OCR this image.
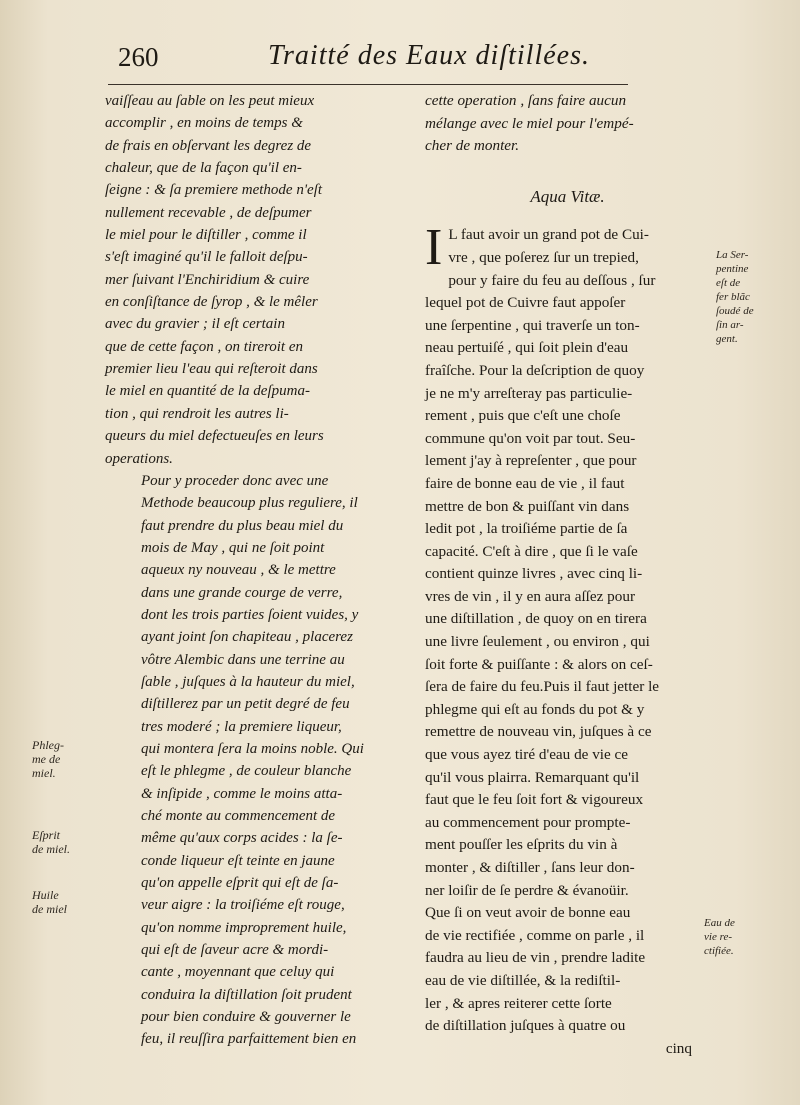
260	Traitté des Eaux diſtillées.

vaiſſeau au ſable on les peut mieux
accomplir , en moins de temps &
de frais en obſervant les degrez de
chaleur, que de la façon qu'il en-
ſeigne : & ſa premiere methode n'eſt
nullement recevable , de deſpumer
le miel pour le diſtiller , comme il
s'eſt imaginé qu'il le falloit deſpu-
mer ſuivant l'Enchiridium & cuire
en conſiſtance de ſyrop , & le mêler
avec du gravier ; il eſt certain
que de cette façon , on tireroit en
premier lieu l'eau qui reſteroit dans
le miel en quantité de la deſpuma-
tion , qui rendroit les autres li-
queurs du miel defectueuſes en leurs
operations.

Pour y proceder donc avec une
Methode beaucoup plus reguliere, il
faut prendre du plus beau miel du
mois de May , qui ne ſoit point
aqueux ny nouveau , & le mettre
dans une grande courge de verre,
dont les trois parties ſoient vuides, y
ayant joint ſon chapiteau , placerez
vôtre Alembic dans une terrine au
ſable , juſques à la hauteur du miel,
diſtillerez par un petit degré de feu
tres moderé ; la premiere liqueur,
qui montera ſera la moins noble. Qui
eſt le phlegme , de couleur blanche
& inſipide , comme le moins atta-
ché monte au commencement de
même qu'aux corps acides : la ſe-
conde liqueur eſt teinte en jaune
qu'on appelle eſprit qui eſt de ſa-
veur aigre : la troiſiéme eſt rouge,
qu'on nomme improprement huile,
qui eſt de ſaveur acre & mordi-
cante , moyennant que celuy qui
conduira la diſtillation ſoit prudent
pour bien conduire & gouverner le
feu, il reuſſira parfaittement bien en

Phleg-
me de
miel.
Eſprit
de miel.
Huile
de miel

cette operation , ſans faire aucun
mélange avec le miel pour l'empé-
cher de monter.

Aqua Vitæ.

I L faut avoir un grand pot de Cui-
vre , que poſerez ſur un trepied,
pour y faire du feu au deſſous , ſur
lequel pot de Cuivre faut appoſer
une ſerpentine , qui traverſe un ton-
neau pertuiſé , qui ſoit plein d'eau
fraîſche. Pour la deſcription de quoy
je ne m'y arreſteray pas particulie-
rement , puis que c'eſt une choſe
commune qu'on voit par tout. Seu-
lement j'ay à repreſenter , que pour
faire de bonne eau de vie , il faut
mettre de bon & puiſſant vin dans
ledit pot , la troiſiéme partie de ſa
capacité. C'eſt à dire , que ſi le vaſe
contient quinze livres , avec cinq li-
vres de vin , il y en aura aſſez pour
une diſtillation , de quoy on en tirera
une livre ſeulement , ou environ , qui
ſoit forte & puiſſante : & alors on ceſ-
ſera de faire du feu.Puis il faut jetter le
phlegme qui eſt au fonds du pot & y
remettre de nouveau vin, juſques à ce
que vous ayez tiré d'eau de vie ce
qu'il vous plairra. Remarquant qu'il
faut que le feu ſoit fort & vigoureux
au commencement pour prompte-
ment pouſſer les eſprits du vin à
monter , & diſtiller , ſans leur don-
ner loiſir de ſe perdre & évanoüir.
Que ſi on veut avoir de bonne eau
de vie rectifiée , comme on parle , il
faudra au lieu de vin , prendre ladite
eau de vie diſtillée, & la rediſtil-
ler , & apres reiterer cette ſorte
de diſtillation juſques à quatre ou

cinq
La Ser-
pentine
eſt de
fer blãc
ſoudé de
ſin ar-
gent.
Eau de
vie re-
ctifiée.
